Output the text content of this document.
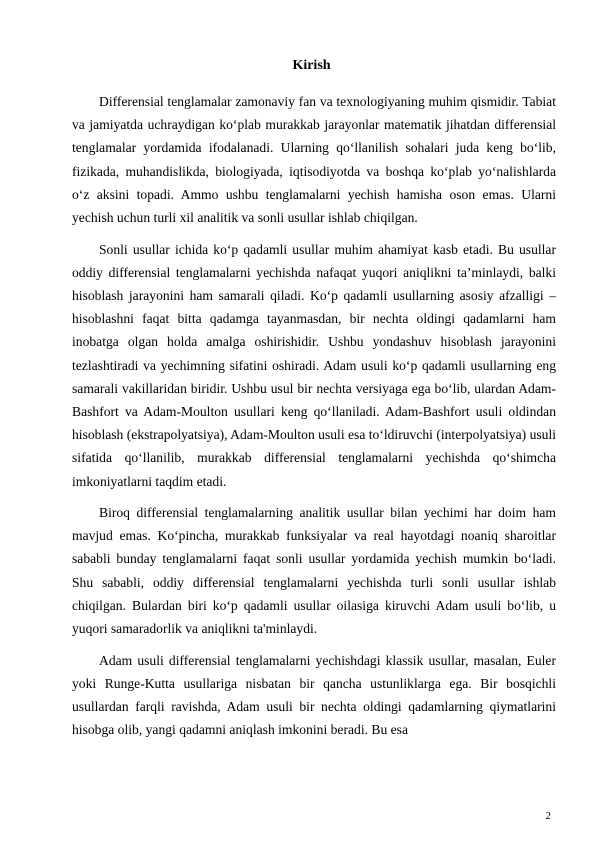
Kirish

Differensial tenglamalar zamonaviy fan va texnologiyaning muhim qismidir. Tabiat va jamiyatda uchraydigan ko‘plab murakkab jarayonlar matematik jihatdan differensial tenglamalar yordamida ifodalanadi. Ularning qo‘llanilish sohalari juda keng bo‘lib, fizikada, muhandislikda, biologiyada, iqtisodiyotda va boshqa ko‘plab yo‘nalishlarda o‘z aksini topadi. Ammo ushbu tenglamalarni yechish hamisha oson emas. Ularni yechish uchun turli xil analitik va sonli usullar ishlab chiqilgan.

Sonli usullar ichida ko‘p qadamli usullar muhim ahamiyat kasb etadi. Bu usullar oddiy differensial tenglamalarni yechishda nafaqat yuqori aniqlikni ta’minlaydi, balki hisoblash jarayonini ham samarali qiladi. Ko‘p qadamli usullarning asosiy afzalligi – hisoblashni faqat bitta qadamga tayanmasdan, bir nechta oldingi qadamlarni ham inobatga olgan holda amalga oshirishidir. Ushbu yondashuv hisoblash jarayonini tezlashtiradi va yechimning sifatini oshiradi. Adam usuli ko‘p qadamli usullarning eng samarali vakillaridan biridir. Ushbu usul bir nechta versiyaga ega bo‘lib, ulardan Adam-Bashfort va Adam-Moulton usullari keng qo‘llaniladi. Adam-Bashfort usuli oldindan hisoblash (ekstrapolyatsiya), Adam-Moulton usuli esa to‘ldiruvchi (interpolyatsiya) usuli sifatida qo‘llanilib, murakkab differensial tenglamalarni yechishda qo‘shimcha imkoniyatlarni taqdim etadi.

Biroq differensial tenglamalarning analitik usullar bilan yechimi har doim ham mavjud emas. Ko‘pincha, murakkab funksiyalar va real hayotdagi noaniq sharoitlar sababli bunday tenglamalarni faqat sonli usullar yordamida yechish mumkin bo‘ladi. Shu sababli, oddiy differensial tenglamalarni yechishda turli sonli usullar ishlab chiqilgan. Bulardan biri ko‘p qadamli usullar oilasiga kiruvchi Adam usuli bo‘lib, u yuqori samaradorlik va aniqlikni ta'minlaydi.

Adam usuli differensial tenglamalarni yechishdagi klassik usullar, masalan, Euler yoki Runge-Kutta usullariga nisbatan bir qancha ustunliklarga ega. Bir bosqichli usullardan farqli ravishda, Adam usuli bir nechta oldingi qadamlarning qiymatlarini hisobga olib, yangi qadamni aniqlash imkonini beradi. Bu esa

2
